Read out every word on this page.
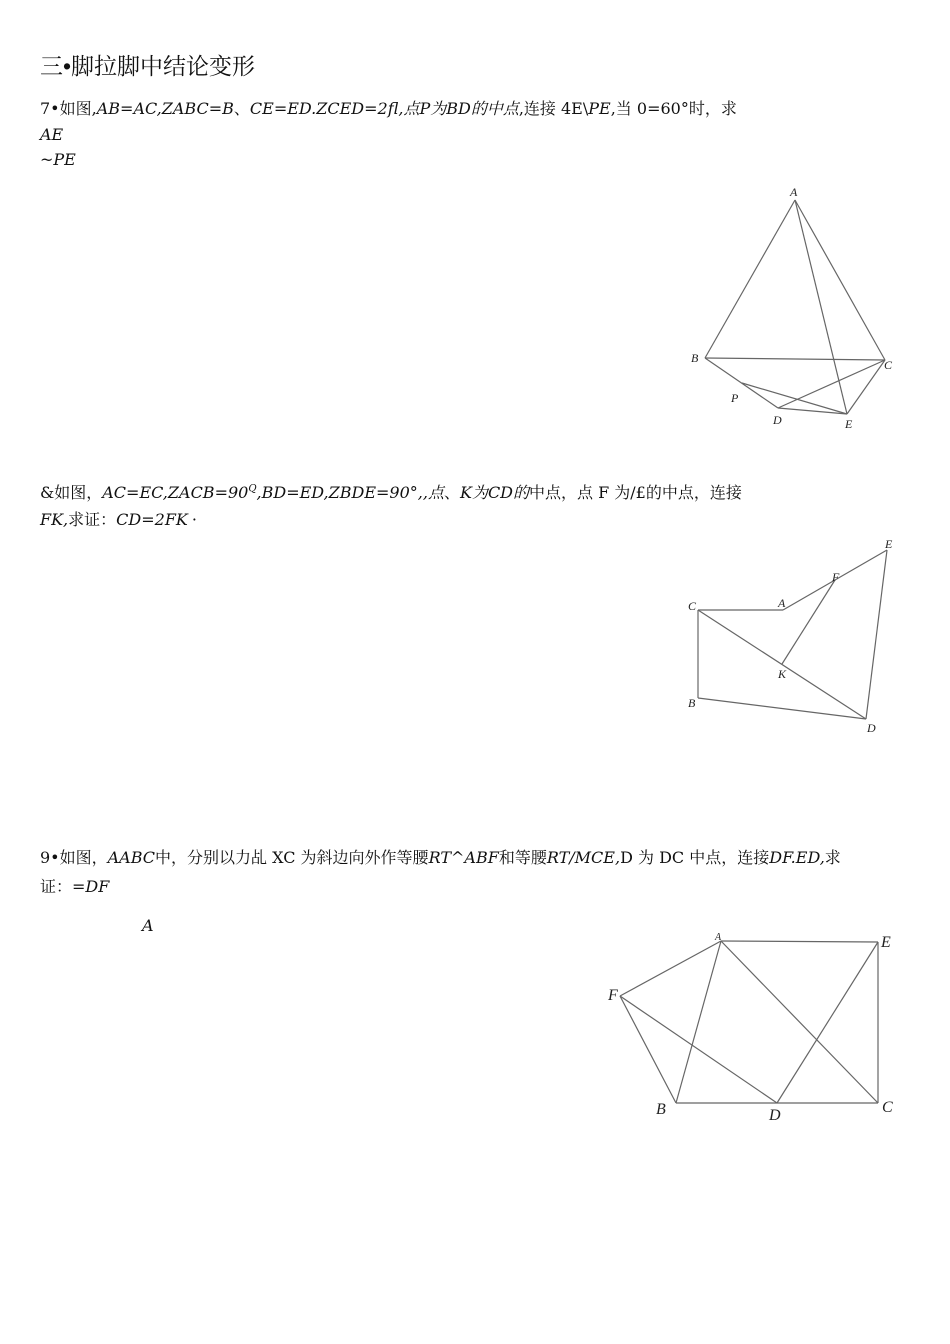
三•脚拉脚中结论变形
7•如图,AB=AC,ZABC=B、CE=ED.ZCED=2fl,点P为BD的中点,连接 4E\PE,当 0=60°时，求
AE
~PE
A
B	C
P
D	E
&如图，$AC=EC,ZACB=90^Q,BD=ED,ZBDE=90^\circ$,,点、K为CD的中点，点 F 为/£的中点，连接
FK,求证：CD=2FK ·
C	A
F
E
K
B
D
9•如图，AABC中，分别以力乩 XC 为斜边向外作等腰RT^ABF和等腰RT/MCE,D 为 DC 中点，连接DF.ED,求
证：=DF
A
A	E
F
B	D	C
